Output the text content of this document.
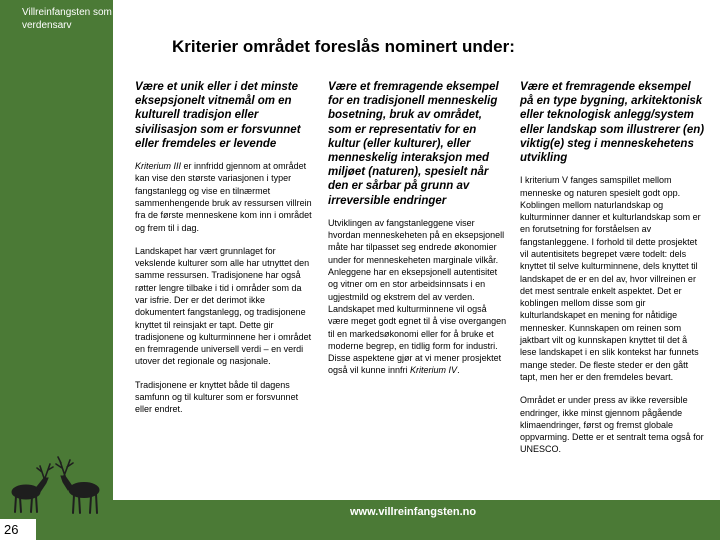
Villreinfangsten som verdensarv
Kriterier området foreslås nominert under:

Være et unik eller i det minste eksepsjonelt vitnemål om en kulturell tradisjon eller sivilisasjon som er forsvunnet eller fremdeles er levende

Kriterium III er innfridd gjennom at området kan vise den største variasjonen i typer fangstanlegg og vise en tilnærmet sammenhengende bruk av ressursen villrein fra de første menneskene kom inn i området og frem til i dag.

Landskapet har vært grunnlaget for vekslende kulturer som alle har utnyttet den samme ressursen. Tradisjonene har også røtter lengre tilbake i tid i områder som da var isfrie. Der er det derimot ikke dokumentert fangstanlegg, og tradisjonene knyttet til reinsjakt er tapt. Dette gir tradisjonene og kulturminnene her i området en fremragende universell verdi – en verdi utover det regionale og nasjonale.

Tradisjonene er knyttet både til dagens samfunn og til kulturer som er forsvunnet eller endret.

Være et fremragende eksempel for en tradisjonell menneskelig bosetning, bruk av området, som er representativ for en kultur (eller kulturer), eller menneskelig interaksjon med miljøet (naturen), spesielt når den er sårbar på grunn av irreversible endringer

Utviklingen av fangstanleggene viser hvordan menneskeheten på en eksepsjonell måte har tilpasset seg endrede økonomier under for menneskeheten marginale vilkår. Anleggene har en eksepsjonell autentisitet og vitner om en stor arbeidsinnsats i en ugjestmild og ekstrem del av verden. Landskapet med kulturminnene vil også være meget godt egnet til å vise overgangen til en markedsøkonomi eller for å bruke et moderne begrep, en tidlig form for industri. Disse aspektene gjør at vi mener prosjektet også vil kunne innfri Kriterium IV.

Være et fremragende eksempel på en type bygning, arkitektonisk eller teknologisk anlegg/system eller landskap som illustrerer (en) viktig(e) steg i menneskehetens utvikling

I kriterium V fanges samspillet mellom menneske og naturen spesielt godt opp. Koblingen mellom naturlandskap og kulturminner danner et kulturlandskap som er en forutsetning for forståelsen av fangstanleggene. I forhold til dette prosjektet vil autentisitets begrepet være todelt: dels knyttet til selve kulturminnene, dels knyttet til landskapet de er en del av, hvor villreinen er det mest sentrale enkelt aspektet. Det er koblingen mellom disse som gir kulturlandskapet en mening for nåtidige mennesker. Kunnskapen om reinen som jaktbart vilt og kunnskapen knyttet til det å lese landskapet i en slik kontekst har funnets mange steder. De fleste steder er den gått tapt, men her er den fremdeles bevart.

Området er under press av ikke reversible endringer, ikke minst gjennom pågående klimaendringer, først og fremst globale oppvarming. Dette er et sentralt tema også for UNESCO.

26
www.villreinfangsten.no
